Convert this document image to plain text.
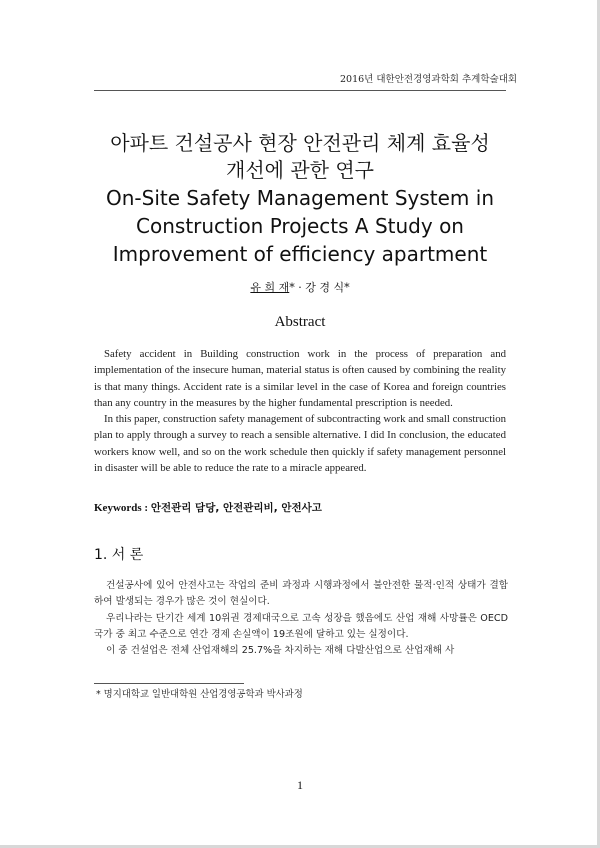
2016년 대한안전경영과학회 추계학술대회
아파트 건설공사 현장 안전관리 체계 효율성
개선에 관한 연구
On-Site Safety Management System in
Construction Projects A Study on
Improvement of efficiency apartment
유 희 재* · 강 경 식*
Abstract

Safety accident in Building construction work in the process of preparation and implementation of the insecure human, material status is often caused by combining the reality is that many things. Accident rate is a similar level in the case of Korea and foreign countries than any country in the measures by the higher fundamental prescription is needed.

In this paper, construction safety management of subcontracting work and small construction plan to apply through a survey to reach a sensible alternative. I did In conclusion, the educated workers know well, and so on the work schedule then quickly if safety management personnel in disaster will be able to reduce the rate to a miracle appeared.

Keywords : 안전관리 담당, 안전관리비, 안전사고
1. 서 론

건설공사에 있어 안전사고는 작업의 준비 과정과 시행과정에서 불안전한 물적·인적 상태가 결합하여 발생되는 경우가 많은 것이 현실이다.

우리나라는 단기간 세계 10위권 경제대국으로 고속 성장을 했음에도 산업 재해 사망률은 OECD 국가 중 최고 수준으로 연간 경제 손실액이 19조원에 달하고 있는 실정이다.

이 중 건설업은 전체 산업재해의 25.7%을 차지하는 재해 다발산업으로 산업재해 사

* 명지대학교 일반대학원 산업경영공학과 박사과정
1
